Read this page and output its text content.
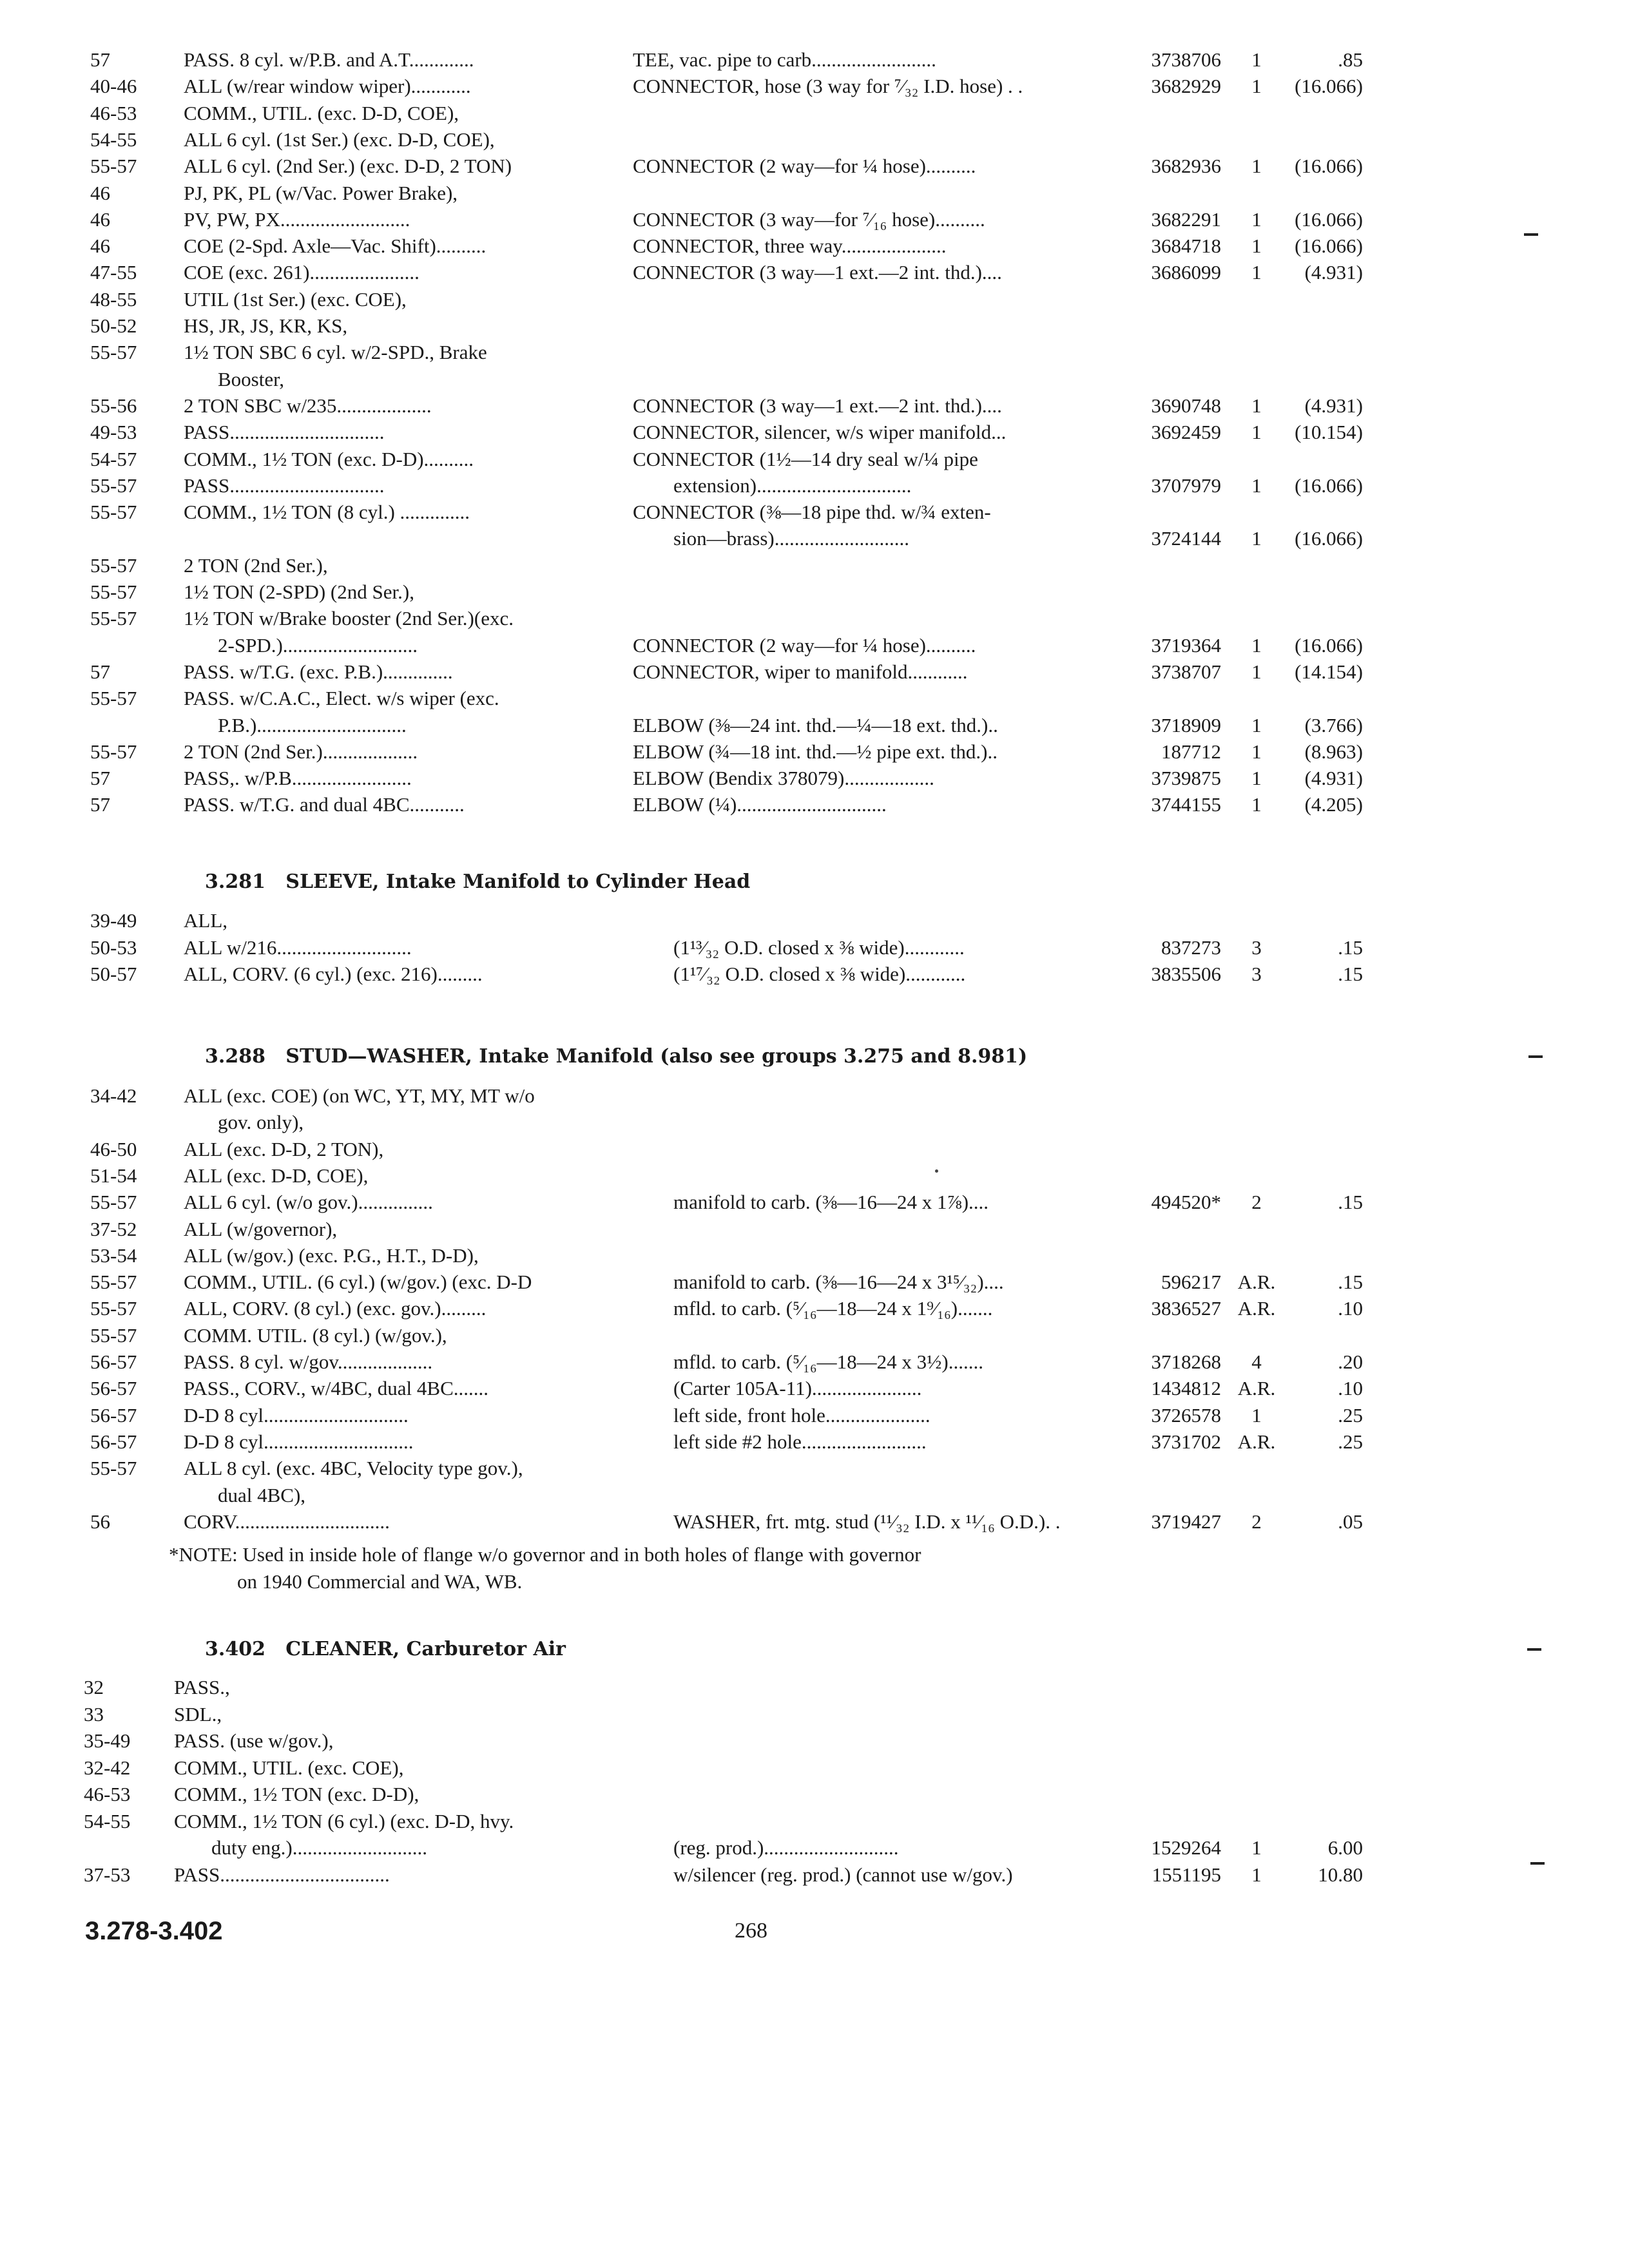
57	PASS. 8 cyl. w/P.B. and A.T.............	TEE, vac. pipe to carb.........................	3738706	1	.85
40-46 ALL (w/rear window wiper)............	CONNECTOR, hose (3 way for ⁷⁄₃₂ I.D. hose) . .	3682929	1	(16.066)
46-53 COMM., UTIL. (exc. D-D, COE),
54-55 ALL 6 cyl. (1st Ser.) (exc. D-D, COE),
55-57 ALL 6 cyl. (2nd Ser.) (exc. D-D, 2 TON)	CONNECTOR (2 way—for ¼ hose)..........	3682936	1	(16.066)
46	PJ, PK, PL (w/Vac. Power Brake),
46	PV, PW, PX..........................	CONNECTOR (3 way—for ⁷⁄₁₆ hose)..........	3682291	1	(16.066)
46	COE (2-Spd. Axle—Vac. Shift)..........	CONNECTOR, three way.....................	3684718	1	(16.066)
47-55 COE (exc. 261)......................	CONNECTOR (3 way—1 ext.—2 int. thd.)....	3686099	1	(4.931)
48-55 UTIL (1st Ser.) (exc. COE),
50-52 HS, JR, JS, KR, KS,
55-57 1½ TON SBC 6 cyl. w/2-SPD., Brake
Booster,
55-56 2 TON SBC w/235...................	CONNECTOR (3 way—1 ext.—2 int. thd.)....	3690748	1	(4.931)
49-53 PASS...............................	CONNECTOR, silencer, w/s wiper manifold...	3692459	1	(10.154)
54-57 COMM., 1½ TON (exc. D-D)..........	CONNECTOR (1½—14 dry seal w/¼ pipe
55-57 PASS...............................	extension)...............................	3707979	1	(16.066)
55-57 COMM., 1½ TON (8 cyl.) ..............	CONNECTOR (⅜—18 pipe thd. w/¾ exten-
sion—brass)...........................	3724144	1	(16.066)
55-57 2 TON (2nd Ser.),
55-57 1½ TON (2-SPD) (2nd Ser.),
55-57 1½ TON w/Brake booster (2nd Ser.)(exc.
2-SPD.)...........................	CONNECTOR (2 way—for ¼ hose)..........	3719364	1	(16.066)
57	PASS. w/T.G. (exc. P.B.)..............	CONNECTOR, wiper to manifold............	3738707	1	(14.154)
55-57 PASS. w/C.A.C., Elect. w/s wiper (exc.
P.B.)..............................	ELBOW (⅜—24 int. thd.—¼—18 ext. thd.)..	3718909	1	(3.766)
55-57 2 TON (2nd Ser.)...................	ELBOW (¾—18 int. thd.—½ pipe ext. thd.)..	187712	1	(8.963)
57	PASS,. w/P.B........................	ELBOW (Bendix 378079)..................	3739875	1	(4.931)
57	PASS. w/T.G. and dual 4BC...........	ELBOW (¼)..............................	3744155	1	(4.205)
3.281 SLEEVE, Intake Manifold to Cylinder Head
39-49 ALL,
50-53 ALL w/216...........................	(1¹³⁄₃₂ O.D. closed x ⅜ wide)............	837273	3	.15
50-57 ALL, CORV. (6 cyl.) (exc. 216).........	(1¹⁷⁄₃₂ O.D. closed x ⅜ wide)............	3835506	3	.15
3.288 STUD—WASHER, Intake Manifold (also see groups 3.275 and 8.981)
34-42 ALL (exc. COE) (on WC, YT, MY, MT w/o
gov. only),
46-50 ALL (exc. D-D, 2 TON),
51-54 ALL (exc. D-D, COE),
55-57 ALL 6 cyl. (w/o gov.)...............	manifold to carb. (⅜—16—24 x 1⅞)....	494520*	2	.15
37-52 ALL (w/governor),
53-54 ALL (w/gov.) (exc. P.G., H.T., D-D),
55-57 COMM., UTIL. (6 cyl.) (w/gov.) (exc. D-D	manifold to carb. (⅜—16—24 x 3¹⁵⁄₃₂)....	596217 A.R.	.15
55-57 ALL, CORV. (8 cyl.) (exc. gov.).........	mfld. to carb. (⁵⁄₁₆—18—24 x 1⁹⁄₁₆).......	3836527 A.R.	.10
55-57 COMM. UTIL. (8 cyl.) (w/gov.),
56-57 PASS. 8 cyl. w/gov...................	mfld. to carb. (⁵⁄₁₆—18—24 x 3½).......	3718268	4	.20
56-57 PASS., CORV., w/4BC, dual 4BC.......	(Carter 105A-11)......................	1434812 A.R.	.10
56-57 D-D 8 cyl.............................	left side, front hole.....................	3726578	1	.25
56-57 D-D 8 cyl..............................	left side #2 hole.........................	3731702 A.R.	.25
55-57 ALL 8 cyl. (exc. 4BC, Velocity type gov.),
dual 4BC),
56	CORV...............................	WASHER, frt. mtg. stud (¹¹⁄₃₂ I.D. x ¹¹⁄₁₆ O.D.). .	3719427	2	.05
*NOTE: Used in inside hole of flange w/o governor and in both holes of flange with governor
on 1940 Commercial and WA, WB.
3.402 CLEANER, Carburetor Air
32	PASS.,
33	SDL.,
35-49 PASS. (use w/gov.),
32-42 COMM., UTIL. (exc. COE),
46-53 COMM., 1½ TON (exc. D-D),
54-55 COMM., 1½ TON (6 cyl.) (exc. D-D, hvy.
duty eng.)...........................	(reg. prod.)...........................	1529264	1	6.00
37-53 PASS..................................	w/silencer (reg. prod.) (cannot use w/gov.)	1551195	1	10.80
3.278-3.402	268
